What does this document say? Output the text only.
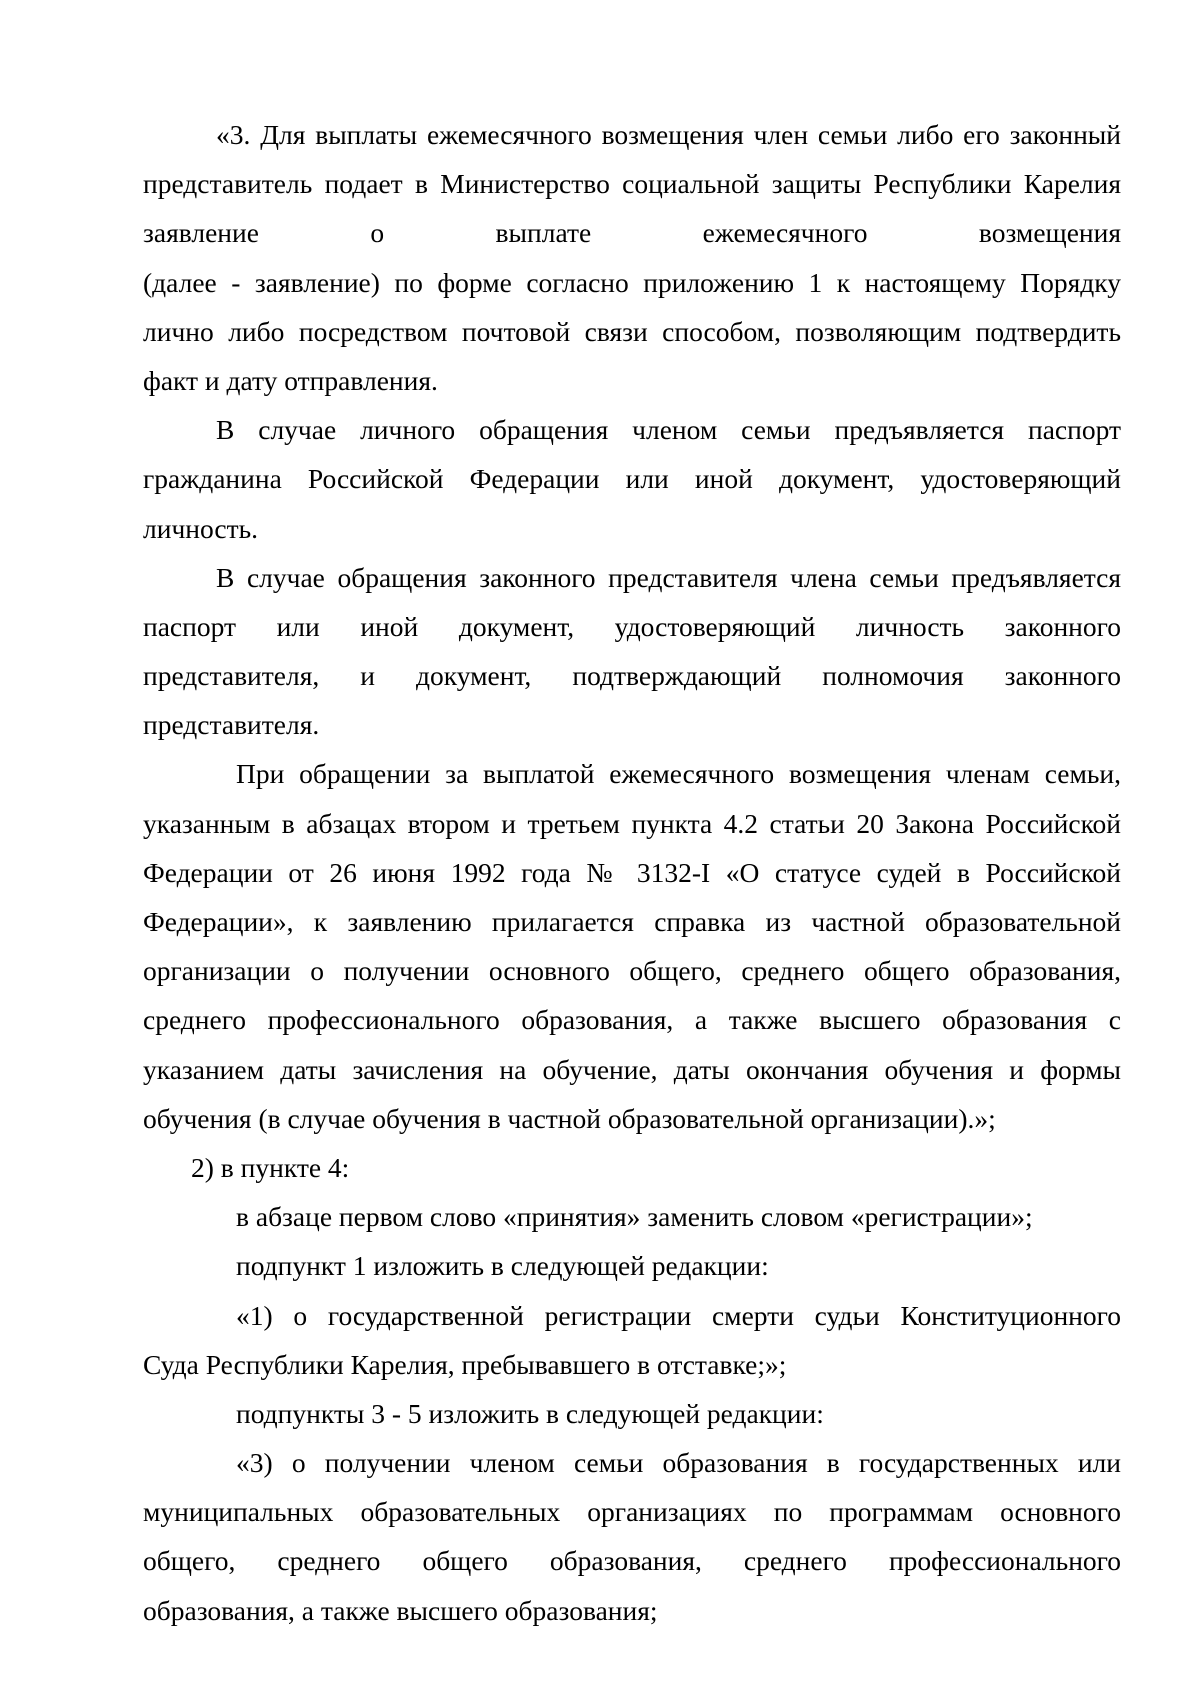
«3. Для выплаты ежемесячного возмещения член семьи либо его законный
представитель подает в Министерство социальной защиты Республики Карелия
заявление о выплате ежемесячного возмещения
(далее - заявление) по форме согласно приложению 1 к настоящему Порядку
лично либо посредством почтовой связи способом, позволяющим подтвердить
факт и дату отправления.
В случае личного обращения членом семьи предъявляется паспорт
гражданина Российской Федерации или иной документ, удостоверяющий
личность.
В случае обращения законного представителя члена семьи предъявляется
паспорт или иной документ, удостоверяющий личность законного
представителя, и документ, подтверждающий полномочия законного
представителя.
При обращении за выплатой ежемесячного возмещения членам семьи,
указанным в абзацах втором и третьем пункта 4.2 статьи 20 Закона Российской
Федерации от 26 июня 1992 года № 3132-I «О статусе судей в Российской
Федерации», к заявлению прилагается справка из частной образовательной
организации о получении основного общего, среднего общего образования,
среднего профессионального образования, а также высшего образования с
указанием даты зачисления на обучение, даты окончания обучения и формы
обучения (в случае обучения в частной образовательной организации).»;
2) в пункте 4:
в абзаце первом слово «принятия» заменить словом «регистрации»;
подпункт 1 изложить в следующей редакции:
«1) о государственной регистрации смерти судьи Конституционного
Суда Республики Карелия, пребывавшего в отставке;»;
подпункты 3 - 5 изложить в следующей редакции:
«3) о получении членом семьи образования в государственных или
муниципальных образовательных организациях по программам основного
общего, среднего общего образования, среднего профессионального
образования, а также высшего образования;
